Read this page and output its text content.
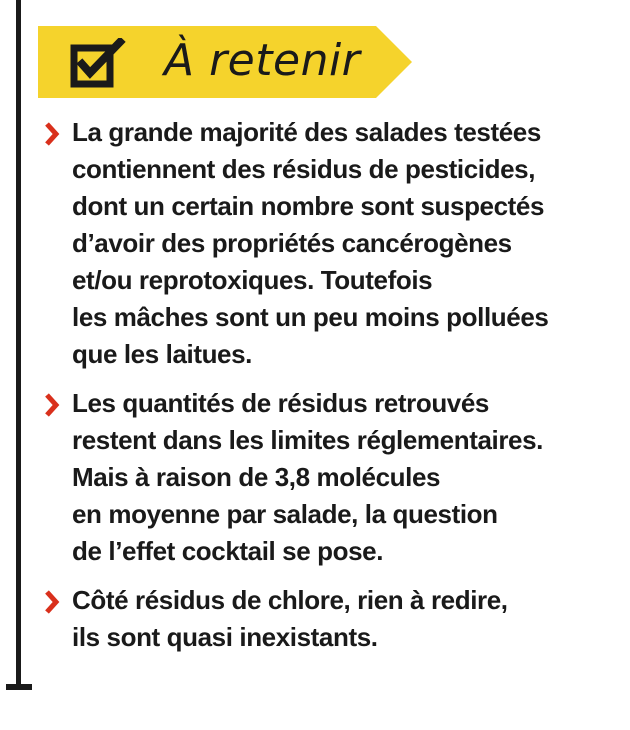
À retenir
La grande majorité des salades testées
contiennent des résidus de pesticides,
dont un certain nombre sont suspectés
d’avoir des propriétés cancérogènes
et/ou reprotoxiques. Toutefois
les mâches sont un peu moins polluées
que les laitues.
Les quantités de résidus retrouvés
restent dans les limites réglementaires.
Mais à raison de 3,8 molécules
en moyenne par salade, la question
de l’effet cocktail se pose.
Côté résidus de chlore, rien à redire,
ils sont quasi inexistants.
